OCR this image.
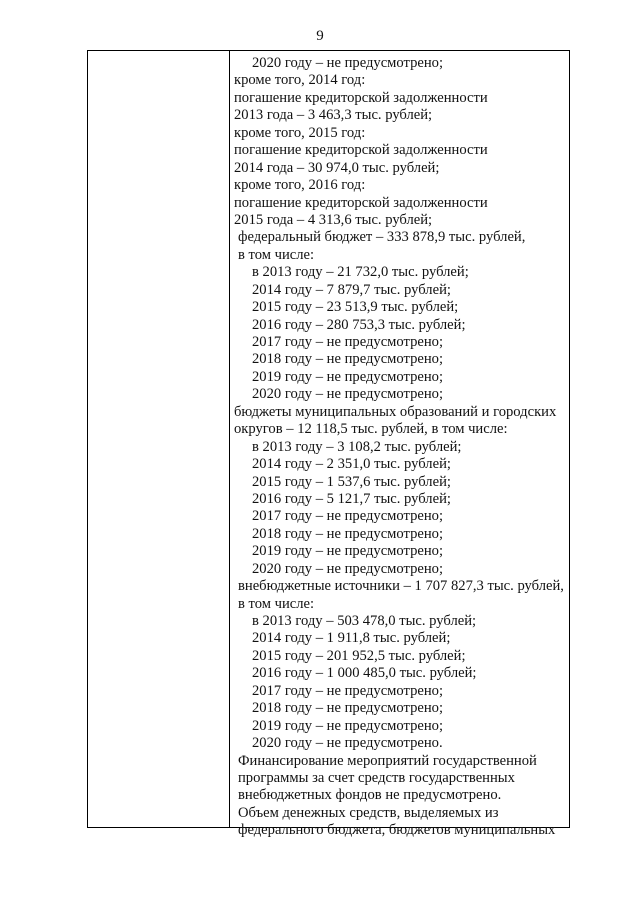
9
2020 году – не предусмотрено;
кроме того, 2014 год:
погашение кредиторской задолженности
2013 года – 3 463,3 тыс. рублей;
кроме того, 2015 год:
погашение кредиторской задолженности
2014 года – 30 974,0 тыс. рублей;
кроме того, 2016 год:
погашение кредиторской задолженности
2015 года – 4 313,6 тыс. рублей;
федеральный бюджет – 333 878,9 тыс. рублей,
в том числе:
в 2013 году – 21 732,0 тыс. рублей;
2014 году – 7 879,7 тыс. рублей;
2015 году – 23 513,9 тыс. рублей;
2016 году – 280 753,3 тыс. рублей;
2017 году – не предусмотрено;
2018 году – не предусмотрено;
2019 году – не предусмотрено;
2020 году – не предусмотрено;
бюджеты муниципальных образований и городских
округов – 12 118,5 тыс. рублей, в том числе:
в 2013 году – 3 108,2 тыс. рублей;
2014 году – 2 351,0 тыс. рублей;
2015 году – 1 537,6 тыс. рублей;
2016 году – 5 121,7 тыс. рублей;
2017 году – не предусмотрено;
2018 году – не предусмотрено;
2019 году – не предусмотрено;
2020 году – не предусмотрено;
внебюджетные источники – 1 707 827,3 тыс. рублей,
в том числе:
в 2013 году – 503 478,0 тыс. рублей;
2014 году – 1 911,8 тыс. рублей;
2015 году – 201 952,5 тыс. рублей;
2016 году – 1 000 485,0 тыс. рублей;
2017 году – не предусмотрено;
2018 году – не предусмотрено;
2019 году – не предусмотрено;
2020 году – не предусмотрено.
Финансирование мероприятий государственной
программы за счет средств государственных
внебюджетных фондов не предусмотрено.
Объем денежных средств, выделяемых из
федерального бюджета, бюджетов муниципальных
